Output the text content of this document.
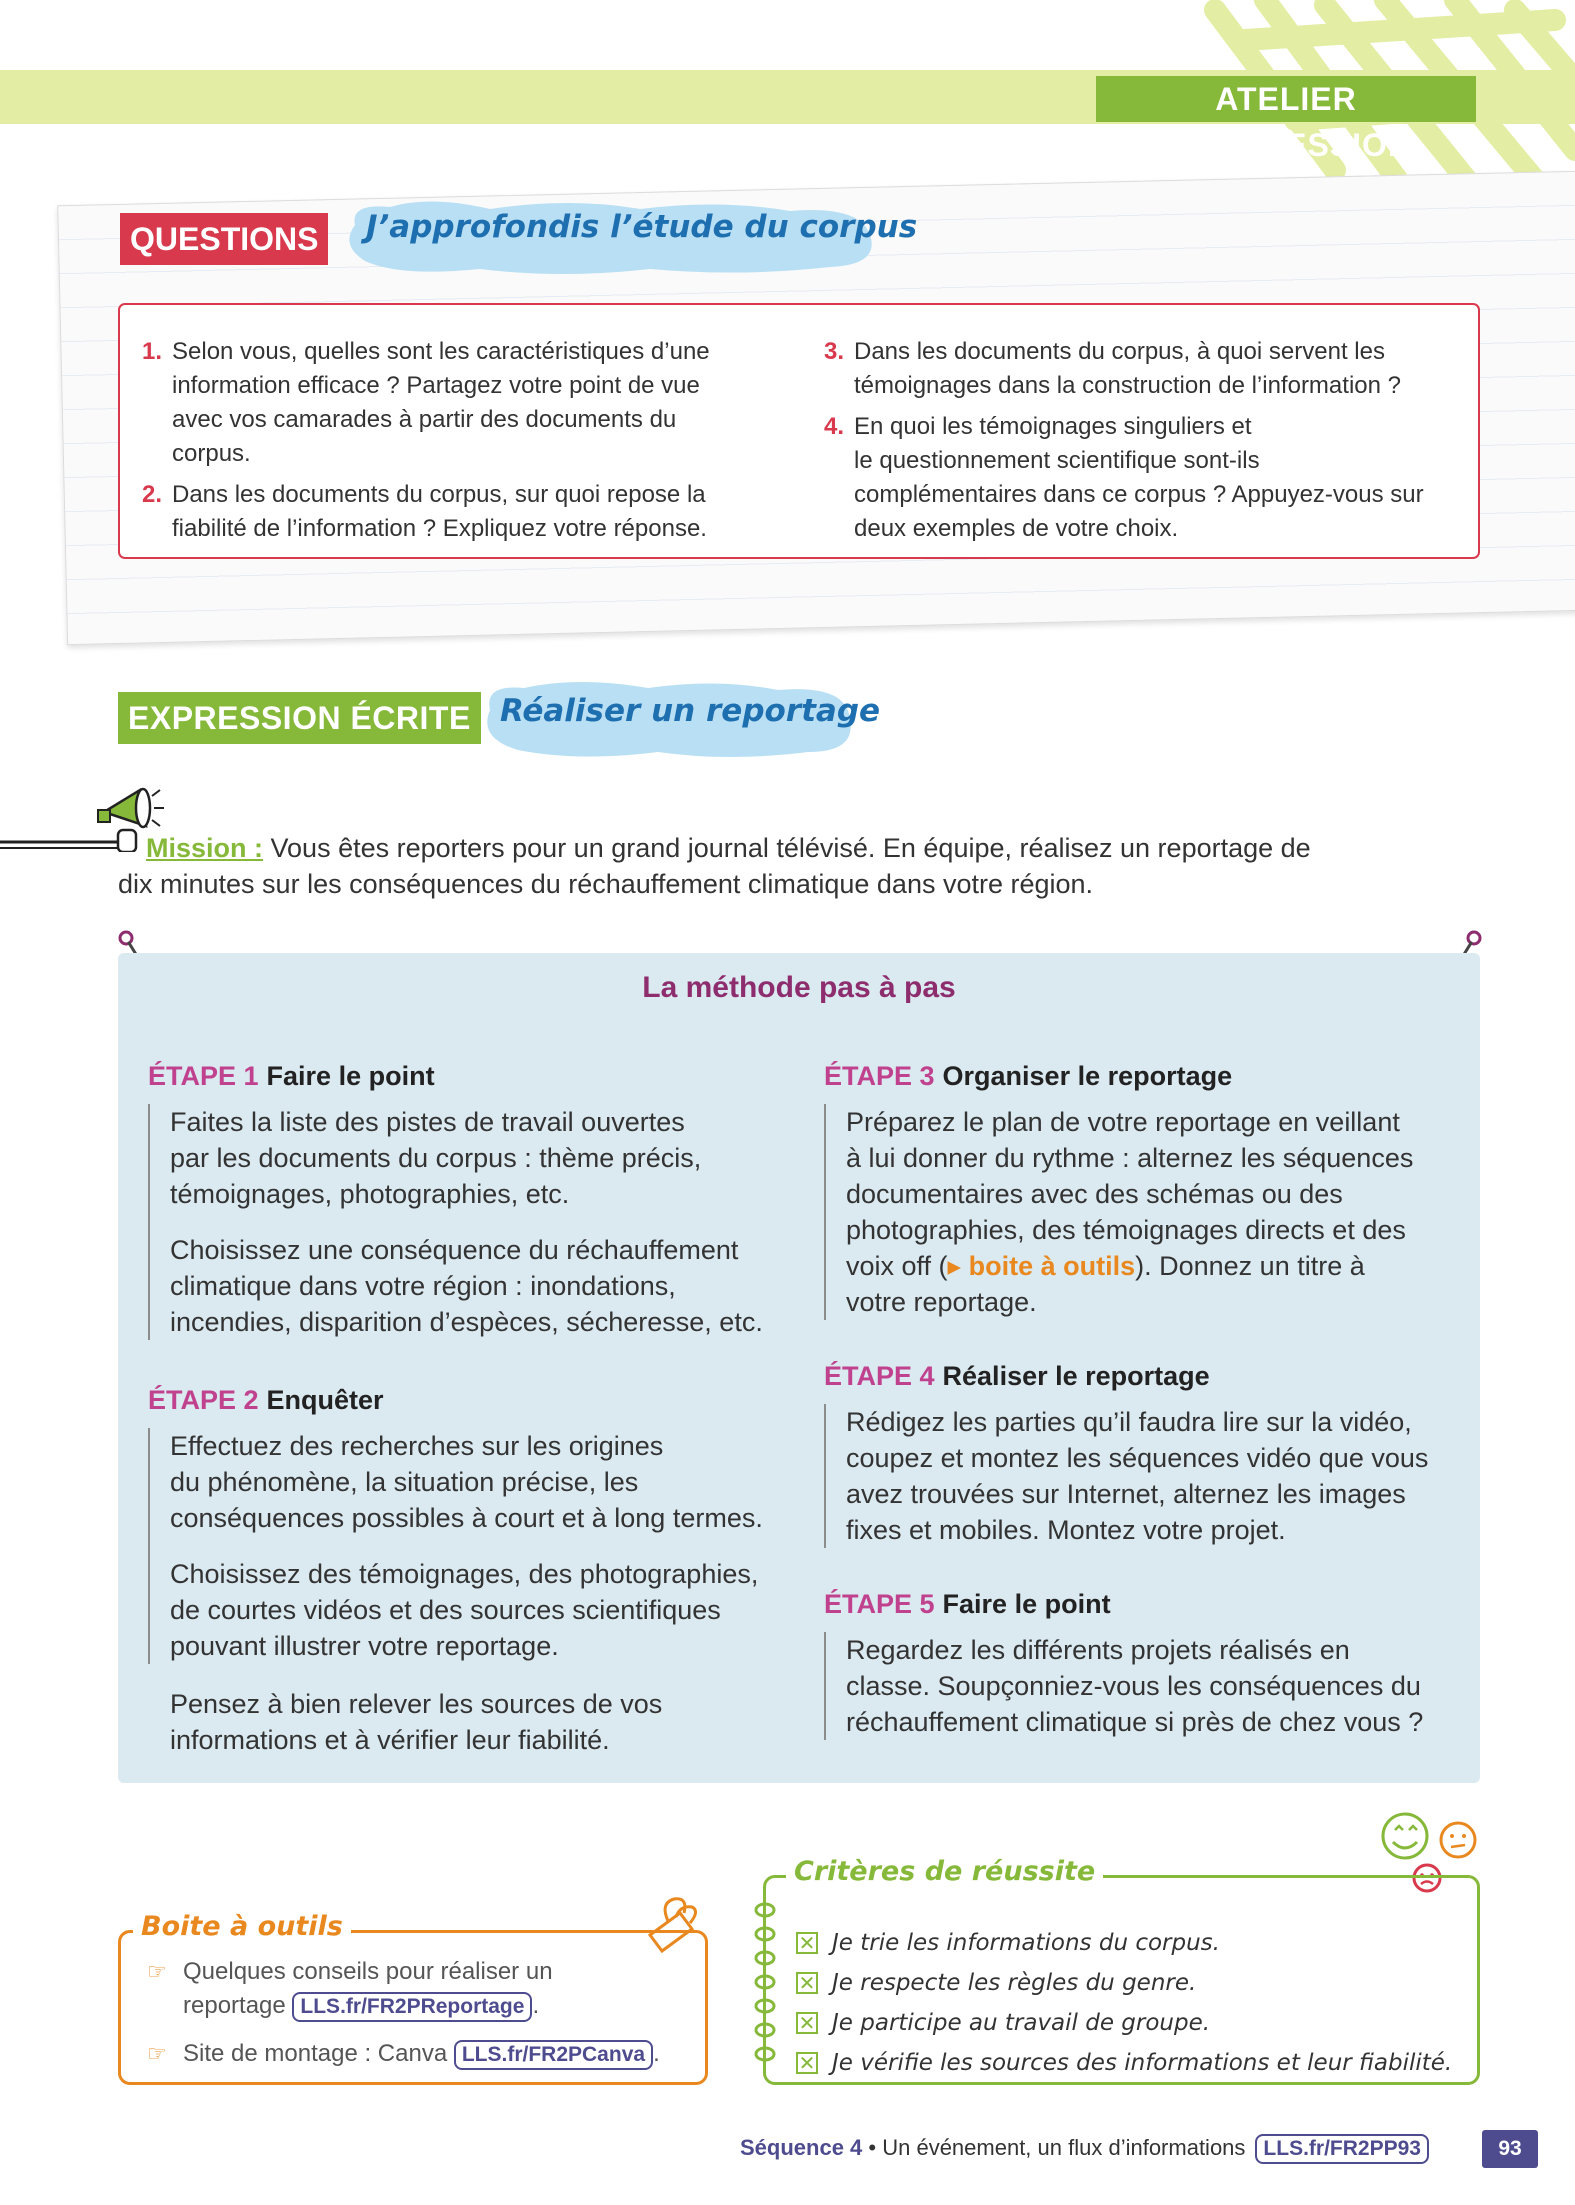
ATELIER D’EXPRESSION
QUESTIONS	J’approfondis l’étude du corpus
1. Selon vous, quelles sont les caractéristiques d’une
information efficace ? Partagez votre point de vue
avec vos camarades à partir des documents du
corpus.
2. Dans les documents du corpus, sur quoi repose la
fiabilité de l’information ? Expliquez votre réponse.
3. Dans les documents du corpus, à quoi servent les
témoignages dans la construction de l’information ?
4. En quoi les témoignages singuliers et
le questionnement scientifique sont-ils
complémentaires dans ce corpus ? Appuyez-vous sur
deux exemples de votre choix.
EXPRESSION ÉCRITE Réaliser un reportage
Mission : Vous êtes reporters pour un grand journal télévisé. En équipe, réalisez un reportage de
dix minutes sur les conséquences du réchauffement climatique dans votre région.
La méthode pas à pas
ÉTAPE 1 Faire le point

Faites la liste des pistes de travail ouvertes
par les documents du corpus : thème précis,
témoignages, photographies, etc.

Choisissez une conséquence du réchauffement
climatique dans votre région : inondations,
incendies, disparition d’espèces, sécheresse, etc.

ÉTAPE 2 Enquêter

Effectuez des recherches sur les origines
du phénomène, la situation précise, les
conséquences possibles à court et à long termes.

Choisissez des témoignages, des photographies,
de courtes vidéos et des sources scientifiques
pouvant illustrer votre reportage.

Pensez à bien relever les sources de vos
informations et à vérifier leur fiabilité.
ÉTAPE 3 Organiser le reportage
Préparez le plan de votre reportage en veillant
à lui donner du rythme : alternez les séquences
documentaires avec des schémas ou des
photographies, des témoignages directs et des
voix off (▸ boite à outils). Donnez un titre à
votre reportage.
ÉTAPE 4 Réaliser le reportage
Rédigez les parties qu’il faudra lire sur la vidéo,
coupez et montez les séquences vidéo que vous
avez trouvées sur Internet, alternez les images
fixes et mobiles. Montez votre projet.
ÉTAPE 5 Faire le point
Regardez les différents projets réalisés en
classe. Soupçonniez-vous les conséquences du
réchauffement climatique si près de chez vous ?
Boite à outils
☞ Quelques conseils pour réaliser un
reportage LLS.fr/FR2PReportage .
☞ Site de montage : Canva LLS.fr/FR2PCanva .
Critères de réussite
✕ Je trie les informations du corpus.
✕ Je respecte les règles du genre.
✕ Je participe au travail de groupe.
✕ Je vérifie les sources des informations et leur fiabilité.
Séquence 4 • Un événement, un flux d’informations LLS.fr/FR2PP93	93
